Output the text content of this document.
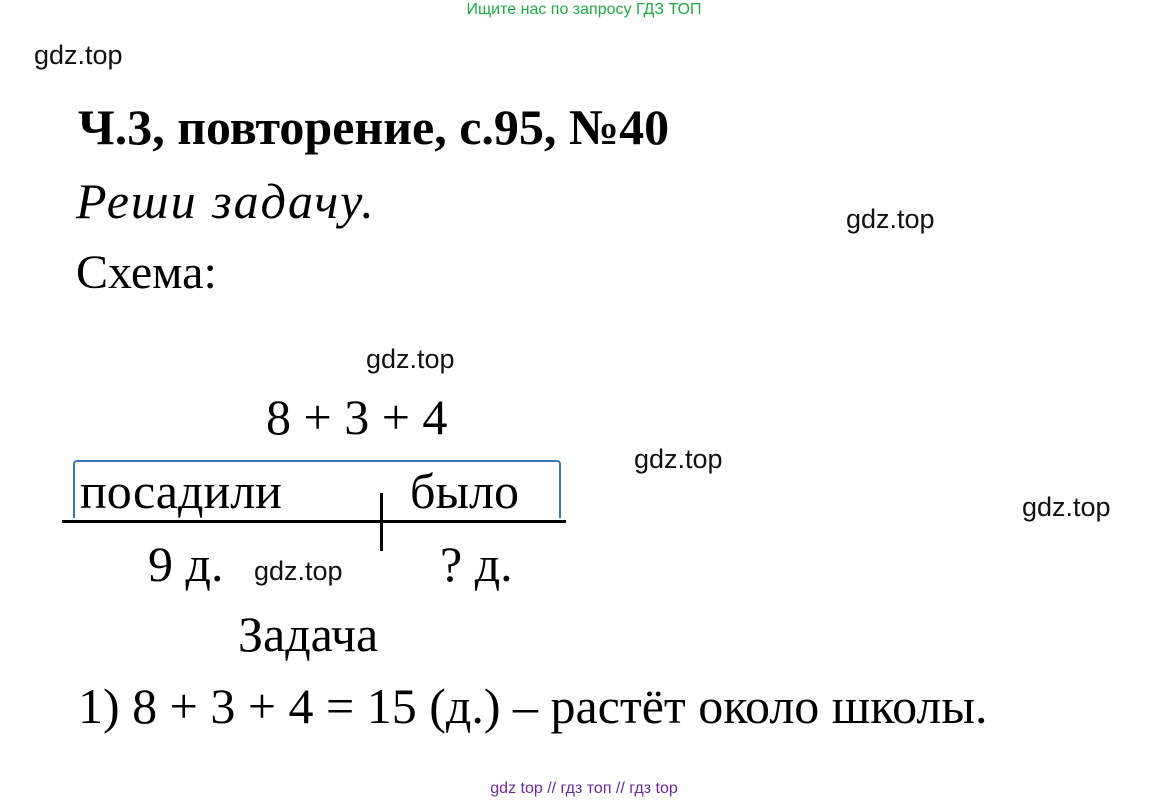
Ищите нас по запросу ГДЗ ТОП
gdz.top
gdz.top
gdz.top
gdz.top
gdz.top
gdz.top
Ч.3, повторение, с.95, №40
Реши задачу.
Схема:
8 + 3 + 4
посадили	было
9 д.	? д.
Задача
1) 8 + 3 + 4 = 15 (д.) – растёт около школы.
gdz top // гдз топ // гдз top
